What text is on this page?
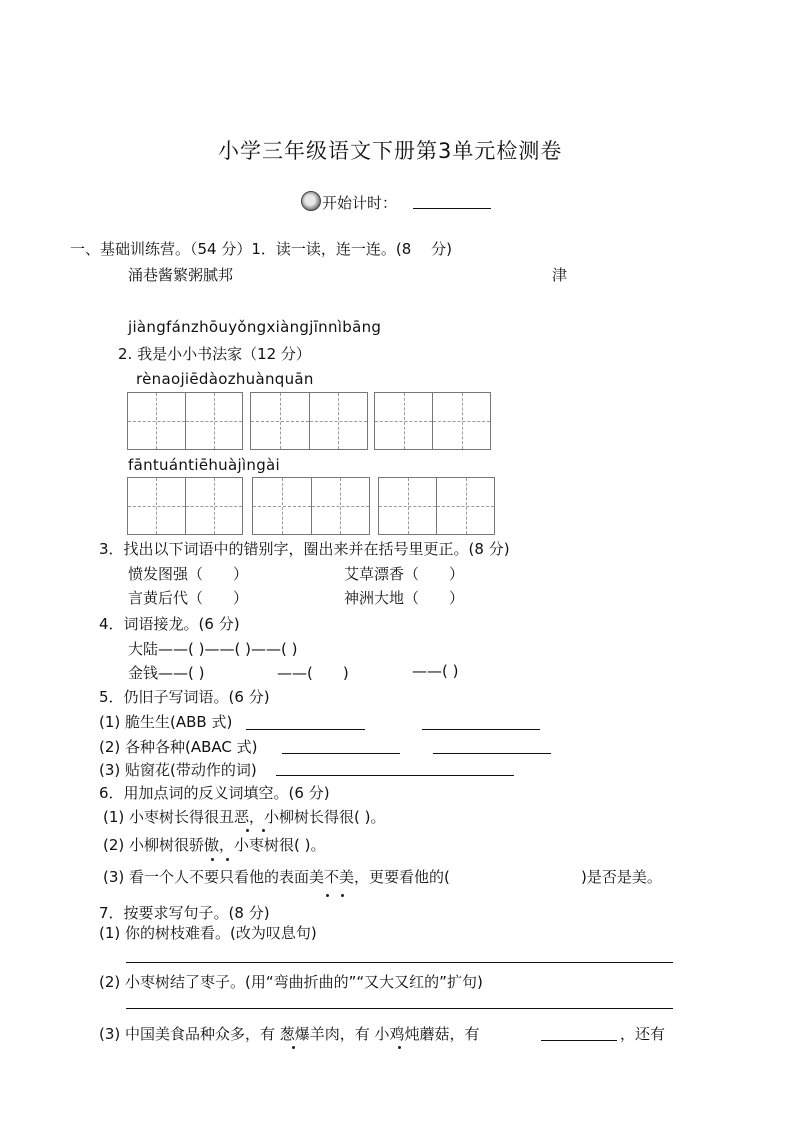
小学三年级语文下册第3单元检测卷
开始计时：
一、基础训练营。（54 分）1．读一读，连一连。(8　 分)
涌巷酱繁粥腻邦	津
jiàngfánzhōuyǒngxiàngjīnnìbāng
2. 我是小小书法家（12 分）
rènaojiēdàozhuànquān
fāntuántiēhuàjìngài
3．找出以下词语中的错别字，圈出来并在括号里更正。(8 分)
愤发图强（　　）	艾草漂香（　　）
言黄后代（　　）	神洲大地（　　）
4．词语接龙。(6 分)
大陆——( )——( )——( )
金钱——( )	——(　　)	——( )
5．仍旧子写词语。(6 分)
(1) 脆生生(ABB 式)
(2) 各种各种(ABAC 式)
(3) 贴窗花(带动作的词)
6．用加点词的反义词填空。(6 分)
(1) 小枣树长得很丑恶，小柳树长得很( )。
(2) 小柳树很骄傲，小枣树很( )。
(3) 看一个人不要只看他的表面美不美，更要看他的(	)是否是美。
7．按要求写句子。(8 分)
(1) 你的树枝难看。(改为叹息句)
(2) 小枣树结了枣子。(用“弯曲折曲的”“又大又红的”扩句)
(3) 中国美食品种众多，有 葱爆羊肉，有 小鸡炖蘑菇，有	，还有
